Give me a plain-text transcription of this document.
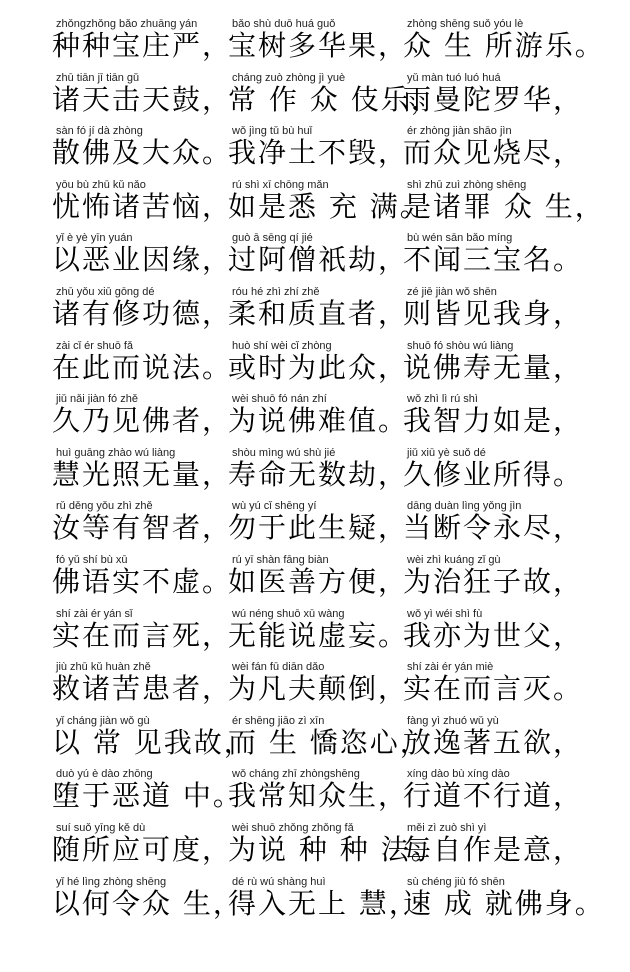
zhǒngzhǒng bǎo zhuāng yán
种种宝庄严，
bǎo shù duō huá guǒ
宝树多华果，
zhòng shēng suǒ yóu lè
众 生 所游乐。
zhū tiān jī tiān gǔ
诸天击天鼓，
cháng zuò zhòng jì yuè
常 作 众 伎乐，
yǔ màn tuó luó huá
雨曼陀罗华，
sàn fó jí dà zhòng
散佛及大众。
wǒ jìng tǔ bù huǐ
我净土不毁，
ér zhòng jiàn shāo jìn
而众见烧尽，
yōu bù zhū kǔ nǎo
忧怖诸苦恼，
rú shì xī chōng mǎn
如是悉 充 满。
shì zhū zuì zhòng shēng
是诸罪 众 生，
yǐ è yè yīn yuán
以恶业因缘，
guò ā sēng qí jié
过阿僧祇劫，
bù wén sān bǎo míng
不闻三宝名。
zhū yǒu xiū gōng dé
诸有修功德，
róu hé zhì zhí zhě
柔和质直者，
zé jiē jiàn wǒ shēn
则皆见我身，
zài cǐ ér shuō fǎ
在此而说法。
huò shí wèi cǐ zhòng
或时为此众，
shuō fó shòu wú liàng
说佛寿无量，
jiǔ nǎi jiàn fó zhě
久乃见佛者，
wèi shuō fó nán zhí
为说佛难值。
wǒ zhì lì rú shì
我智力如是，
huì guāng zhào wú liàng
慧光照无量，
shòu mìng wú shù jié
寿命无数劫，
jiǔ xiū yè suǒ dé
久修业所得。
rǔ děng yǒu zhì zhě
汝等有智者，
wù yú cǐ shēng yí
勿于此生疑，
dāng duàn lìng yǒng jìn
当断令永尽，
fó yǔ shí bù xū
佛语实不虚。
rú yī shàn fāng biàn
如医善方便，
wèi zhì kuáng zǐ gù
为治狂子故，
shí zài ér yán sǐ
实在而言死，
wú néng shuō xū wàng
无能说虚妄。
wǒ yì wéi shì fù
我亦为世父，
jiù zhū kǔ huàn zhě
救诸苦患者，
wèi fán fū diān dǎo
为凡夫颠倒，
shí zài ér yán miè
实在而言灭。
yǐ cháng jiàn wǒ gù
以 常 见我故，
ér shēng jiāo zì xīn
而 生 憍恣心，
fàng yì zhuó wǔ yù
放逸著五欲，
duò yú è dào zhōng
堕于恶道 中。
wǒ cháng zhī zhòngshēng
我常知众生，
xíng dào bù xíng dào
行道不行道，
suí suǒ yīng kě dù
随所应可度，
wèi shuō zhǒng zhǒng fǎ
为说 种 种 法。
měi zì zuò shì yì
每自作是意，
yǐ hé lìng zhòng shēng
以何令众 生，
dé rù wú shàng huì
得入无上 慧，
sù chéng jiù fó shēn
速 成 就佛身。
